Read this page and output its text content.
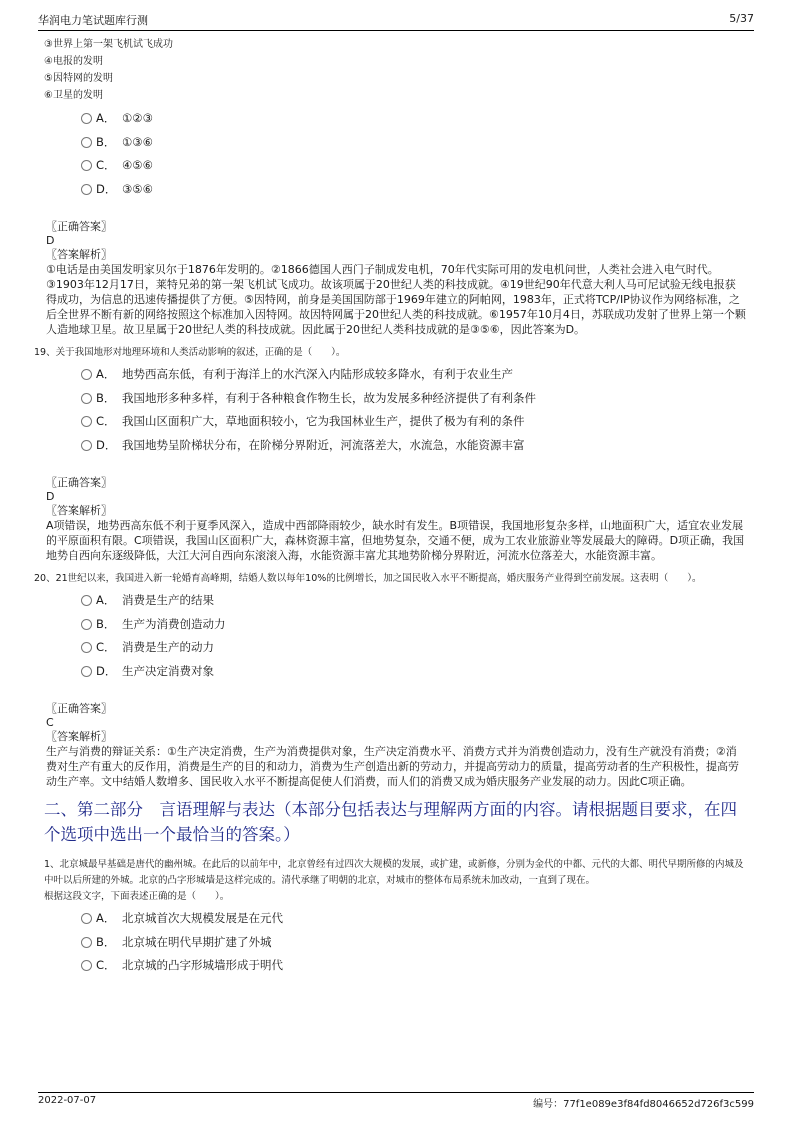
华润电力笔试题库行测	5/37
③世界上第一架飞机试飞成功
④电报的发明
⑤因特网的发明
⑥卫星的发明
A． ①②③
B． ①③⑥
C． ④⑤⑥
D． ③⑤⑥
〖正确答案〗
D
〖答案解析〗
①电话是由美国发明家贝尔于1876年发明的。②1866德国人西门子制成发电机，70年代实际可用的发电机问世，人类社会进入电气时代。③1903年12月17日，莱特兄弟的第一架飞机试飞成功。故该项属于20世纪人类的科技成就。④19世纪90年代意大利人马可尼试验无线电报获得成功，为信息的迅速传播提供了方便。⑤因特网，前身是美国国防部于1969年建立的阿帕网，1983年，正式将TCP/IP协议作为网络标准，之后全世界不断有新的网络按照这个标准加入因特网。故因特网属于20世纪人类的科技成就。⑥1957年10月4日，苏联成功发射了世界上第一个颗人造地球卫星。故卫星属于20世纪人类的科技成就。因此属于20世纪人类科技成就的是③⑤⑥，因此答案为D。
19、关于我国地形对地理环境和人类活动影响的叙述，正确的是（　　）。
A． 地势西高东低，有利于海洋上的水汽深入内陆形成较多降水，有利于农业生产
B． 我国地形多种多样，有利于各种粮食作物生长，故为发展多种经济提供了有利条件
C． 我国山区面积广大，草地面积较小，它为我国林业生产，提供了极为有利的条件
D． 我国地势呈阶梯状分布，在阶梯分界附近，河流落差大，水流急，水能资源丰富
〖正确答案〗
D
〖答案解析〗
A项错误，地势西高东低不利于夏季风深入，造成中西部降雨较少，缺水时有发生。B项错误，我国地形复杂多样，山地面积广大，适宜农业发展的平原面积有限。C项错误，我国山区面积广大，森林资源丰富，但地势复杂，交通不便，成为工农业旅游业等发展最大的障碍。D项正确，我国地势自西向东逐级降低，大江大河自西向东滚滚入海，水能资源丰富尤其地势阶梯分界附近，河流水位落差大，水能资源丰富。
20、21世纪以来，我国进入新一轮婚育高峰期，结婚人数以每年10%的比例增长，加之国民收入水平不断提高，婚庆服务产业得到空前发展。这表明（　　）。
A． 消费是生产的结果
B． 生产为消费创造动力
C． 消费是生产的动力
D． 生产决定消费对象
〖正确答案〗
C
〖答案解析〗
生产与消费的辩证关系：①生产决定消费，生产为消费提供对象，生产决定消费水平、消费方式并为消费创造动力，没有生产就没有消费；②消费对生产有重大的反作用，消费是生产的目的和动力，消费为生产创造出新的劳动力，并提高劳动力的质量，提高劳动者的生产积极性，提高劳动生产率。文中结婚人数增多、国民收入水平不断提高促使人们消费，而人们的消费又成为婚庆服务产业发展的动力。因此C项正确。
二、第二部分　言语理解与表达（本部分包括表达与理解两方面的内容。请根据题目要求，在四个选项中选出一个最恰当的答案。）
1、北京城最早基础是唐代的幽州城。在此后的以前年中，北京曾经有过四次大规模的发展，或扩建，或新修，分别为金代的中都、元代的大都、明代早期所修的内城及中叶以后所建的外城。北京的凸字形城墙是这样完成的。清代承继了明朝的北京，对城市的整体布局系统未加改动，一直到了现在。
根据这段文字，下面表述正确的是（　　）。
A． 北京城首次大规模发展是在元代
B． 北京城在明代早期扩建了外城
C． 北京城的凸字形城墙形成于明代
2022-07-07	编号：77f1e089e3f84fd8046652d726f3c599
